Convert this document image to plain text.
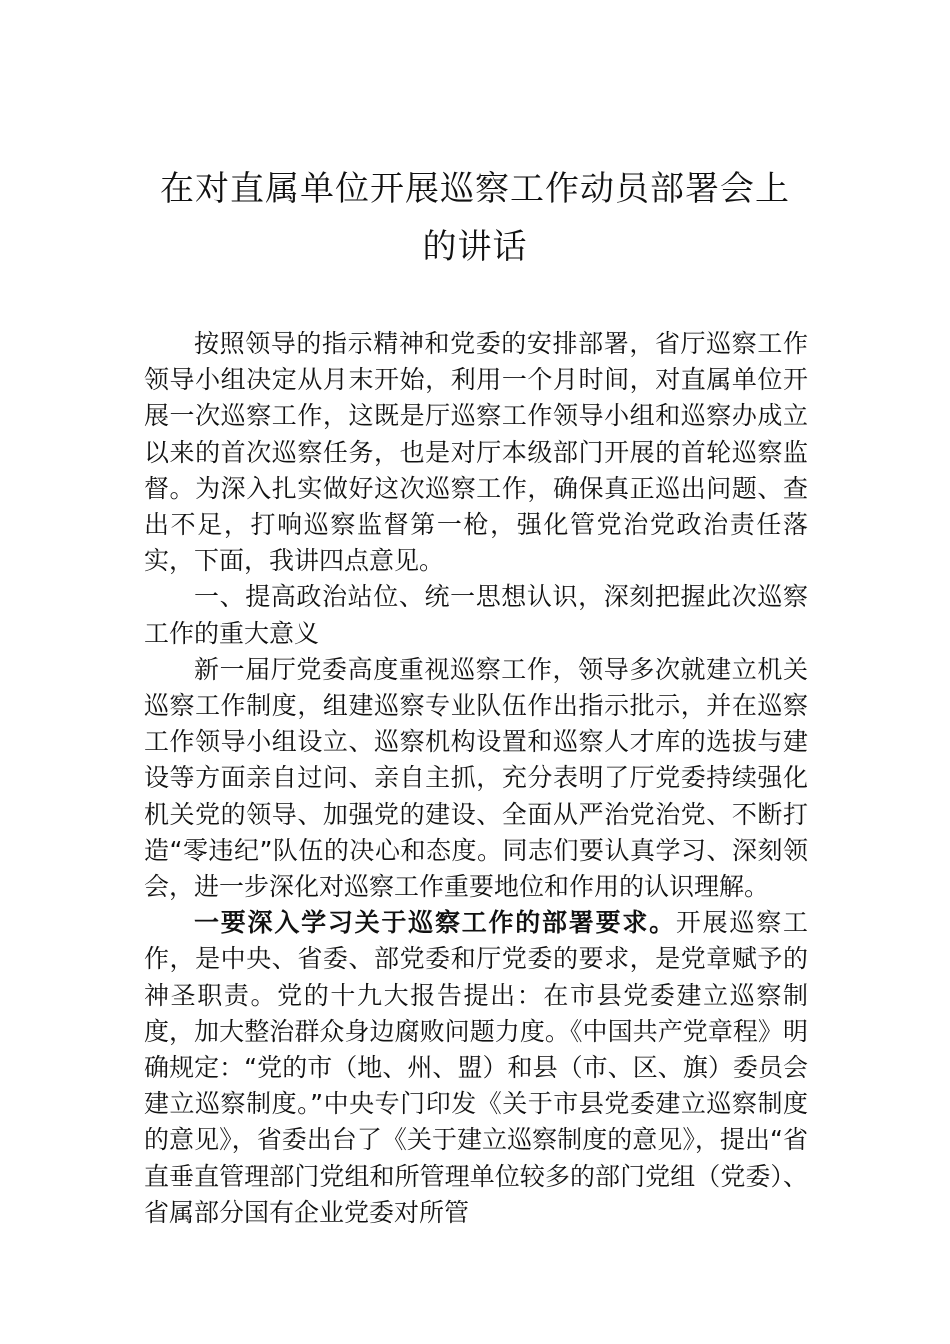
在对直属单位开展巡察工作动员部署会上
的讲话

按照领导的指示精神和党委的安排部署，省厅巡察工作领导小组决定从月末开始，利用一个月时间，对直属单位开展一次巡察工作，这既是厅巡察工作领导小组和巡察办成立以来的首次巡察任务，也是对厅本级部门开展的首轮巡察监督。为深入扎实做好这次巡察工作，确保真正巡出问题、查出不足，打响巡察监督第一枪，强化管党治党政治责任落实，下面，我讲四点意见。

一、提高政治站位、统一思想认识，深刻把握此次巡察工作的重大意义

新一届厅党委高度重视巡察工作，领导多次就建立机关巡察工作制度，组建巡察专业队伍作出指示批示，并在巡察工作领导小组设立、巡察机构设置和巡察人才库的选拔与建设等方面亲自过问、亲自主抓，充分表明了厅党委持续强化机关党的领导、加强党的建设、全面从严治党治党、不断打造“零违纪”队伍的决心和态度。同志们要认真学习、深刻领会，进一步深化对巡察工作重要地位和作用的认识理解。

一要深入学习关于巡察工作的部署要求。开展巡察工作，是中央、省委、部党委和厅党委的要求，是党章赋予的神圣职责。党的十九大报告提出：在市县党委建立巡察制度，加大整治群众身边腐败问题力度。《中国共产党章程》明确规定：“党的市（地、州、盟）和县（市、区、旗）委员会建立巡察制度。”中央专门印发《关于市县党委建立巡察制度的意见》，省委出台了《关于建立巡察制度的意见》，提出“省直垂直管理部门党组和所管理单位较多的部门党组（党委）、省属部分国有企业党委对所管
